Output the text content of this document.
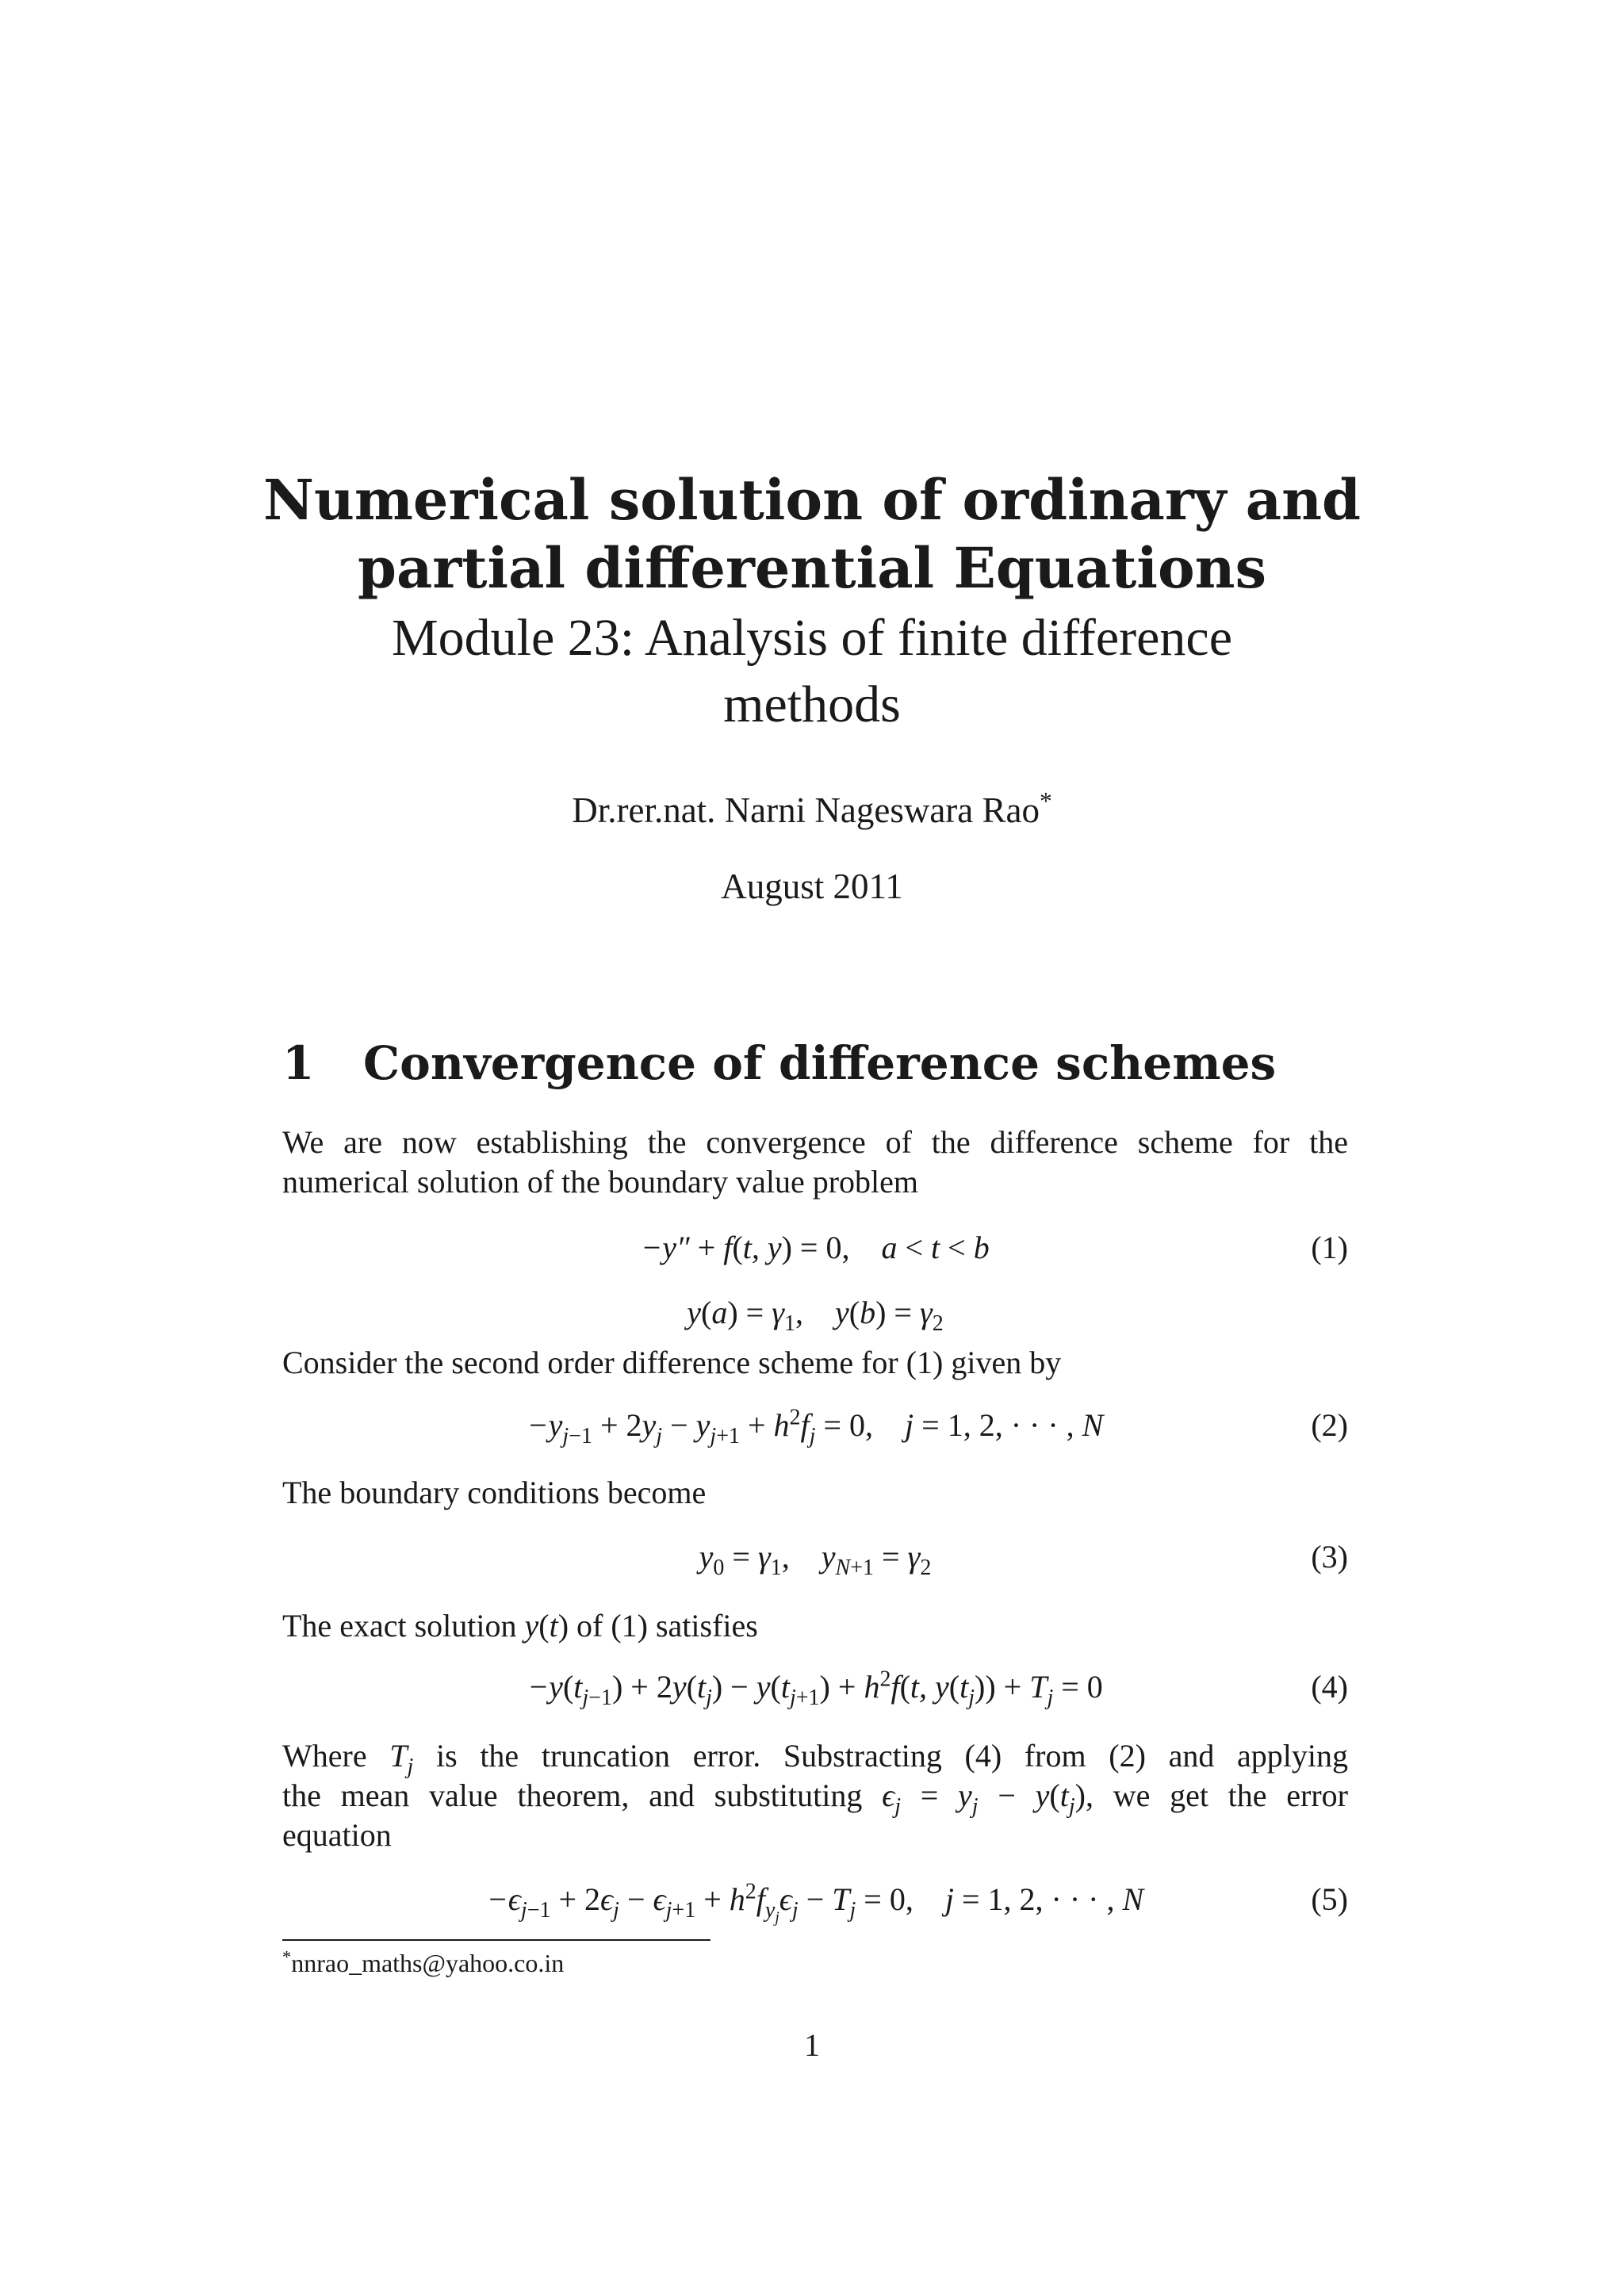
Numerical solution of ordinary and
partial differential Equations
Module 23: Analysis of finite difference
methods
Dr.rer.nat. Narni Nageswara Rao*
August 2011
1 Convergence of difference schemes
We are now establishing the convergence of the difference scheme for the
numerical solution of the boundary value problem
−y″ + f(t, y) = 0,    a < t < b
$y(a) = \gamma_1$,    $y(b) = \gamma_2$
(1)
Consider the second order difference scheme for (1) given by
$-y_{j-1} + 2y_j - y_{j+1} + h^2f_j = 0$,    j = 1, 2, · · · , N	(2)
The boundary conditions become
$y_0 = \gamma_1$,    $y_{N+1} = \gamma_2$	(3)
The exact solution y(t) of (1) satisfies
$-y(t_{j-1}) + 2y(t_j) - y(t_{j+1}) + h^2f(t$, $y(t_j)) + T_j = 0$	(4)
Where $T_j$ is the truncation error. Substracting (4) from (2) and applying
the mean value theorem, and substituting $\epsilon_j = y_j - y(t_j)$, we get the error
equation
$-\epsilon_{j-1} + 2\epsilon_j - \epsilon_{j+1} + h^2f_{y_j}\epsilon_j - T_j = 0$,    j = 1, 2, · · · , N	(5)
*nnrao_maths@yahoo.co.in
1
